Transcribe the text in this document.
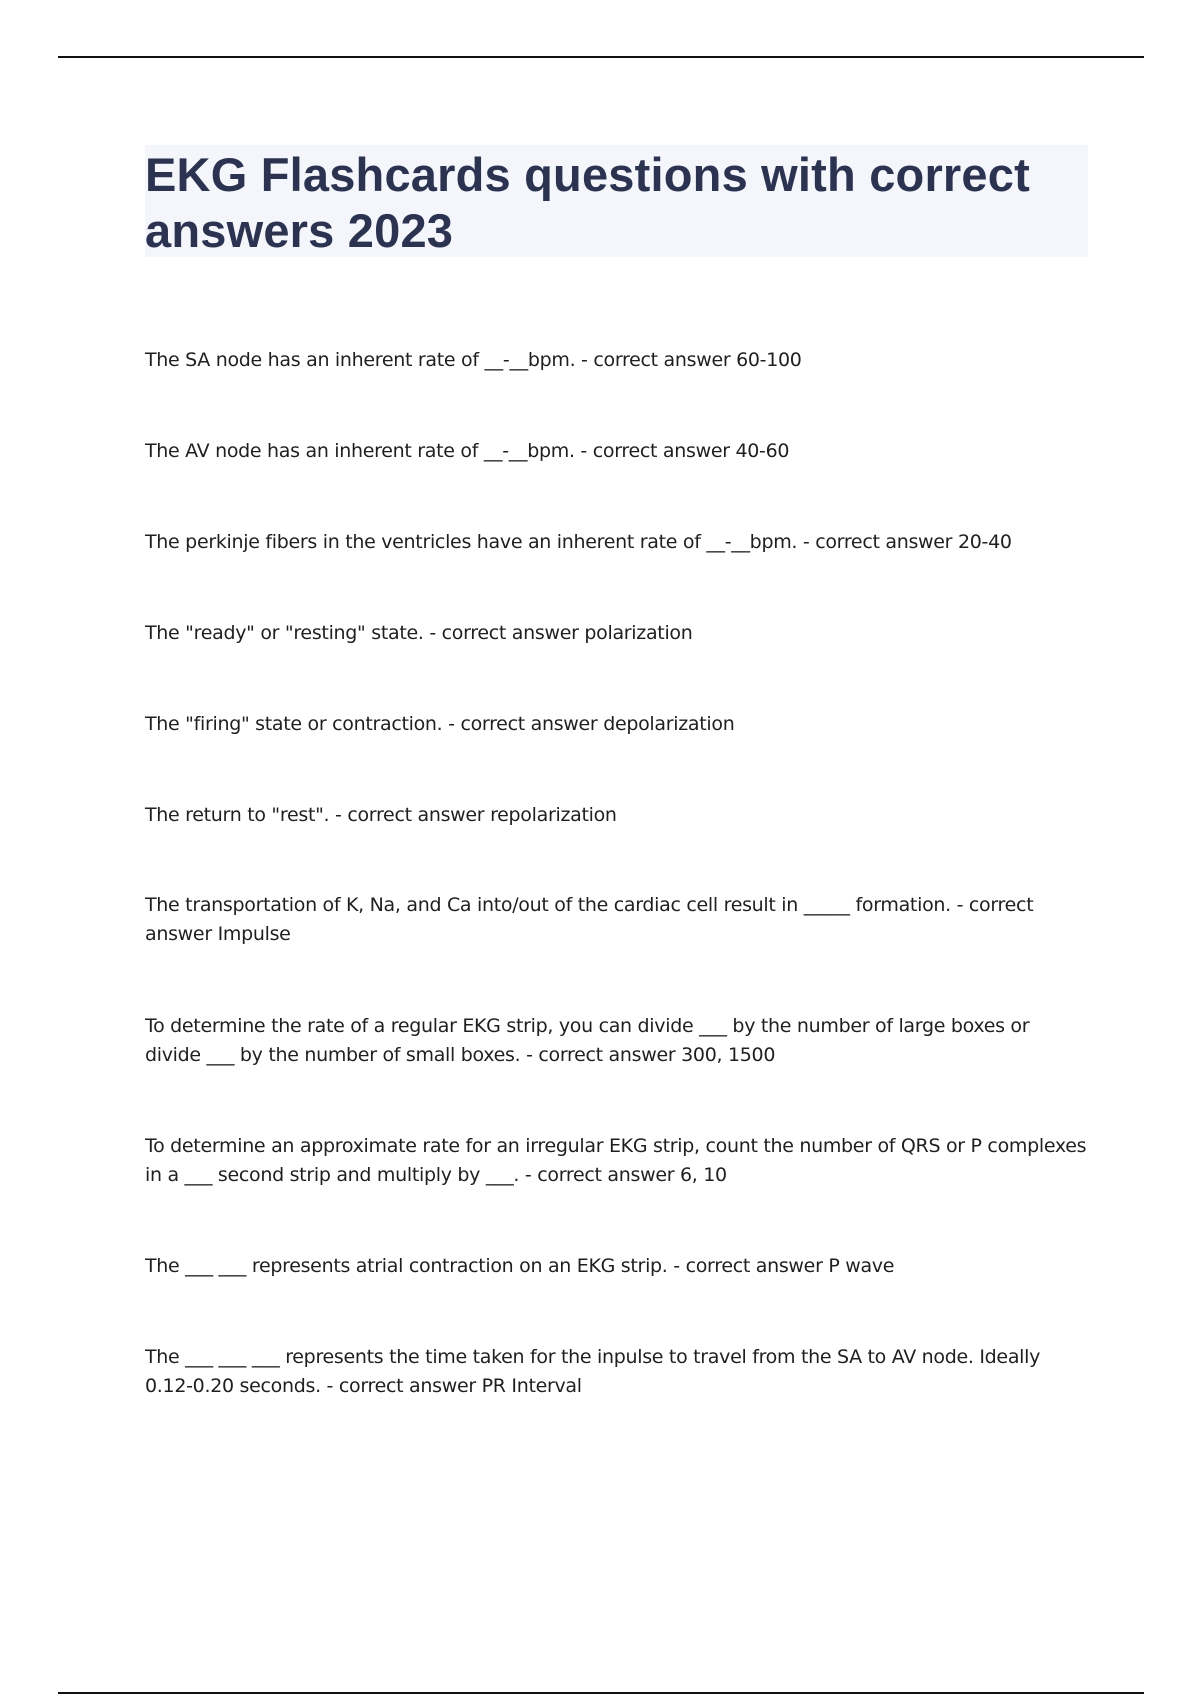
EKG Flashcards questions with correct answers 2023
The SA node has an inherent rate of __-__bpm. - correct answer 60-100
The AV node has an inherent rate of __-__bpm. - correct answer 40-60
The perkinje fibers in the ventricles have an inherent rate of __-__bpm. - correct answer 20-40
The "ready" or "resting" state. - correct answer polarization
The "firing" state or contraction. - correct answer depolarization
The return to "rest". - correct answer repolarization
The transportation of K, Na, and Ca into/out of the cardiac cell result in _____ formation. - correct answer Impulse
To determine the rate of a regular EKG strip, you can divide ___ by the number of large boxes or divide ___ by the number of small boxes. - correct answer 300, 1500
To determine an approximate rate for an irregular EKG strip, count the number of QRS or P complexes in a ___ second strip and multiply by ___. - correct answer 6, 10
The ___ ___ represents atrial contraction on an EKG strip. - correct answer P wave
The ___ ___ ___ represents the time taken for the inpulse to travel from the SA to AV node. Ideally 0.12-0.20 seconds. - correct answer PR Interval
